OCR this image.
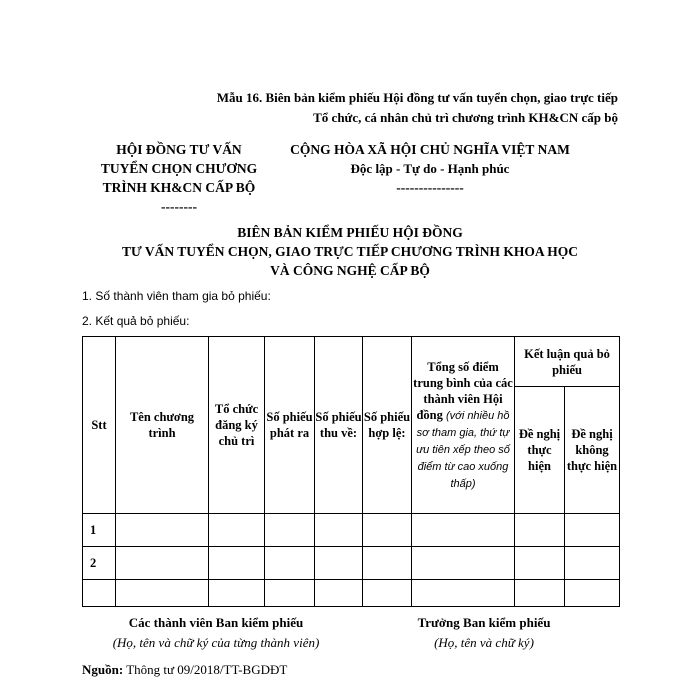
Mẫu 16. Biên bản kiểm phiếu Hội đồng tư vấn tuyển chọn, giao trực tiếp
Tổ chức, cá nhân chủ trì chương trình KH&CN cấp bộ
HỘI ĐỒNG TƯ VẤN
TUYỂN CHỌN CHƯƠNG
TRÌNH KH&CN CẤP BỘ
--------
CỘNG HÒA XÃ HỘI CHỦ NGHĨA VIỆT NAM
Độc lập - Tự do - Hạnh phúc
---------------
BIÊN BẢN KIỂM PHIẾU HỘI ĐỒNG
TƯ VẤN TUYỂN CHỌN, GIAO TRỰC TIẾP CHƯƠNG TRÌNH KHOA HỌC
VÀ CÔNG NGHỆ CẤP BỘ
1. Số thành viên tham gia bỏ phiếu:
2. Kết quả bỏ phiếu:
Stt	Tên chương trình	Tổ chức đăng ký chủ trì	Số phiếu phát ra	Số phiếu thu về:	Số phiếu hợp lệ:	Tổng số điểm trung bình của các thành viên Hội đồng (với nhiều hồ sơ tham gia, thứ tự ưu tiên xếp theo số điểm từ cao xuống thấp)	Kết luận quả bỏ phiếu	
							Đề nghị thực hiện	Đề nghị không thực hiện
1								
2								

Các thành viên Ban kiểm phiếu
(Họ, tên và chữ ký của từng thành viên)
Trưởng Ban kiểm phiếu
(Họ, tên và chữ ký)
Nguồn: Thông tư 09/2018/TT-BGDĐT
